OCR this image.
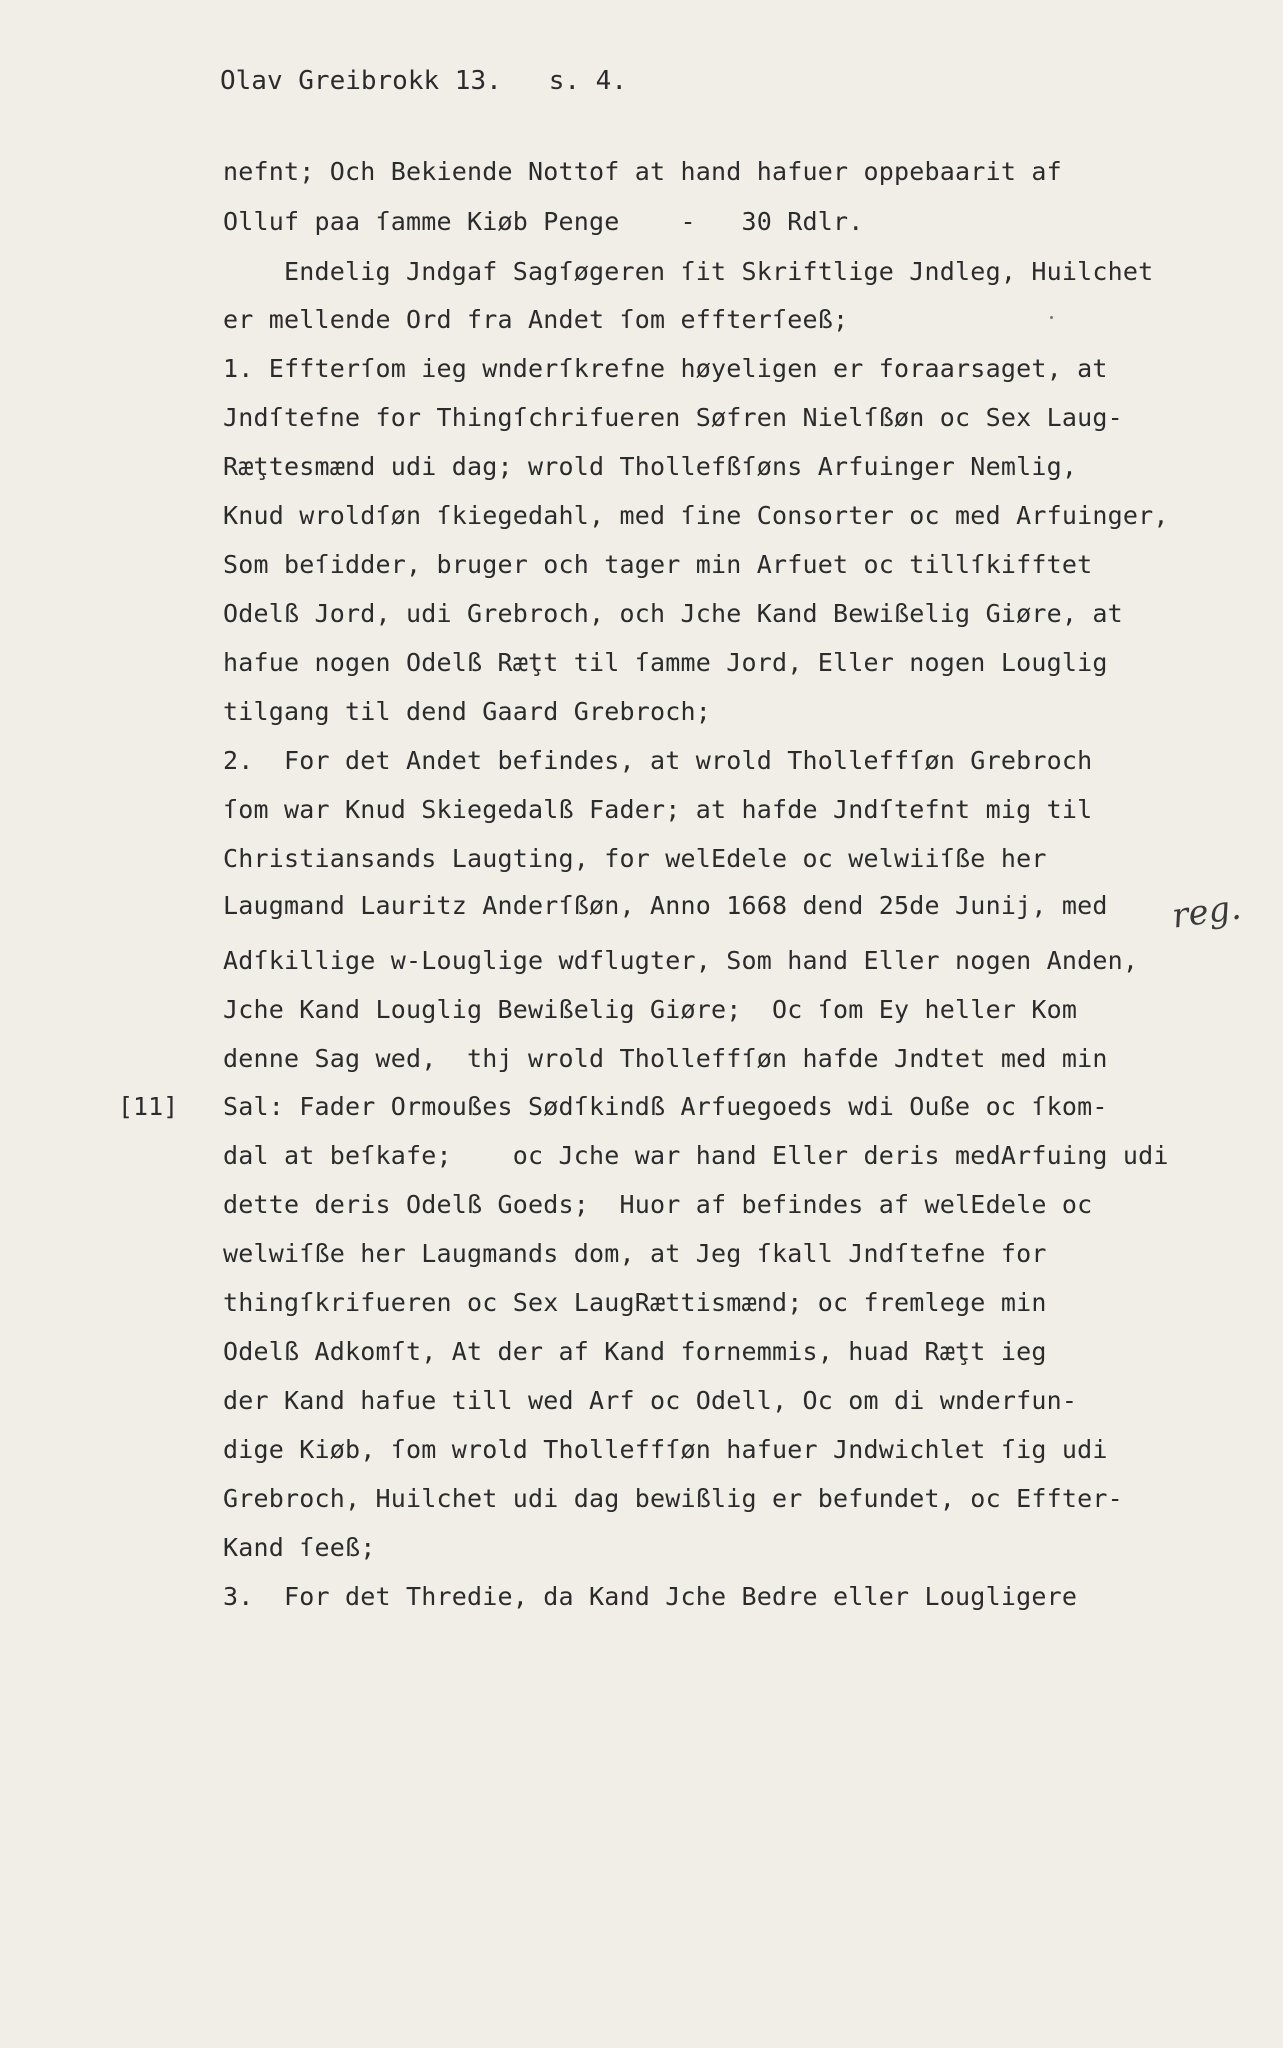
Olav Greibrokk 13.   s. 4.
nefnt; Och Bekiende Nottof at hand hafuer oppebaarit af
Olluf paa ſamme Kiøb Penge    -   30 Rdlr.
Endelig Jndgaf Sagſøgeren ſit Skriftlige Jndleg, Huilchet
er mellende Ord fra Andet ſom effterſeeß;
1. Effterſom ieg wnderſkrefne høyeligen er foraarsaget, at
Jndſtefne for Thingſchrifueren Søfren Nielſßøn oc Sex Laug-
Ræţtesmænd udi dag; wrold Thollefßſøns Arfuinger Nemlig,
Knud wroldſøn ſkiegedahl, med ſine Consorter oc med Arfuinger,
Som beſidder, bruger och tager min Arfuet oc tillſkifftet
Odelß Jord, udi Grebroch, och Jche Kand Bewißelig Giøre, at
hafue nogen Odelß Ræţt til ſamme Jord, Eller nogen Louglig
tilgang til dend Gaard Grebroch;
2.  For det Andet befindes, at wrold Tholleffſøn Grebroch
ſom war Knud Skiegedalß Fader; at hafde Jndſtefnt mig til
Christiansands Laugting, for welEdele oc welwiiſße her
Laugmand Lauritz Anderſßøn, Anno 1668 dend 25de Junij, med
Adſkillige w-Louglige wdflugter, Som hand Eller nogen Anden,
Jche Kand Louglig Bewißelig Giøre;  Oc ſom Ey heller Kom
denne Sag wed,  thj wrold Tholleffſøn hafde Jndtet med min
Sal: Fader Ormoußes Sødſkindß Arfuegoeds wdi Ouße oc ſkom-
dal at beſkafe;    oc Jche war hand Eller deris medArfuing udi
dette deris Odelß Goeds;  Huor af befindes af welEdele oc
welwiſße her Laugmands dom, at Jeg ſkall Jndſtefne for
thingſkrifueren oc Sex LaugRættismænd; oc fremlege min
Odelß Adkomſt, At der af Kand fornemmis, huad Ræţt ieg
der Kand hafue till wed Arf oc Odell, Oc om di wnderfun-
dige Kiøb, ſom wrold Tholleffſøn hafuer Jndwichlet ſig udi
Grebroch, Huilchet udi dag bewißlig er befundet, oc Effter-
Kand ſeeß;
3.  For det Thredie, da Kand Jche Bedre eller Lougligere
[11]
reg.
